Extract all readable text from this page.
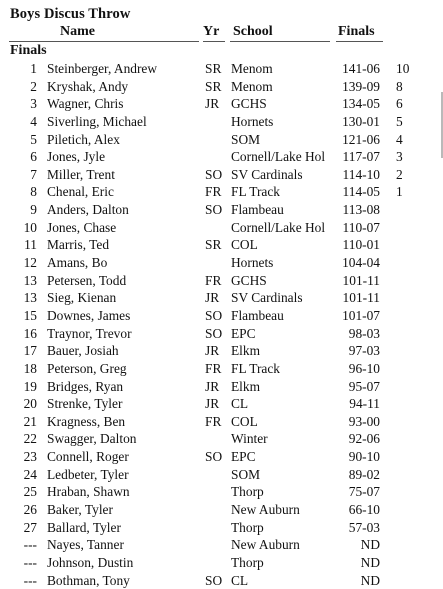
Boys Discus Throw
Name	Yr School	Finals
Finals
1 Steinberger, Andrew	SR Menom	141-06 10
2 Kryshak, Andy	SR Menom	139-09 8
3 Wagner, Chris	JR GCHS	134-05 6
4 Siverling, Michael	Hornets	130-01 5
5 Piletich, Alex	SOM	121-06 4
6 Jones, Jyle	Cornell/Lake Hol 117-07 3
7 Miller, Trent	SO SV Cardinals	114-10 2
8 Chenal, Eric	FR FL Track	114-05 1
9 Anders, Dalton	SO Flambeau	113-08
10 Jones, Chase	Cornell/Lake Hol 110-07
11 Marris, Ted	SR COL	110-01
12 Amans, Bo	Hornets	104-04
13 Petersen, Todd	FR GCHS	101-11
13 Sieg, Kienan	JR SV Cardinals	101-11
15 Downes, James	SO Flambeau	101-07
16 Traynor, Trevor	SO EPC	98-03
17 Bauer, Josiah	JR Elkm	97-03
18 Peterson, Greg	FR FL Track	96-10
19 Bridges, Ryan	JR Elkm	95-07
20 Strenke, Tyler	JR CL	94-11
21 Kragness, Ben	FR COL	93-00
22 Swagger, Dalton	Winter	92-06
23 Connell, Roger	SO EPC	90-10
24 Ledbeter, Tyler	SOM	89-02
25 Hraban, Shawn	Thorp	75-07
26 Baker, Tyler	New Auburn	66-10
27 Ballard, Tyler	Thorp	57-03
--- Nayes, Tanner	New Auburn	ND
--- Johnson, Dustin	Thorp	ND
--- Bothman, Tony	SO CL	ND
